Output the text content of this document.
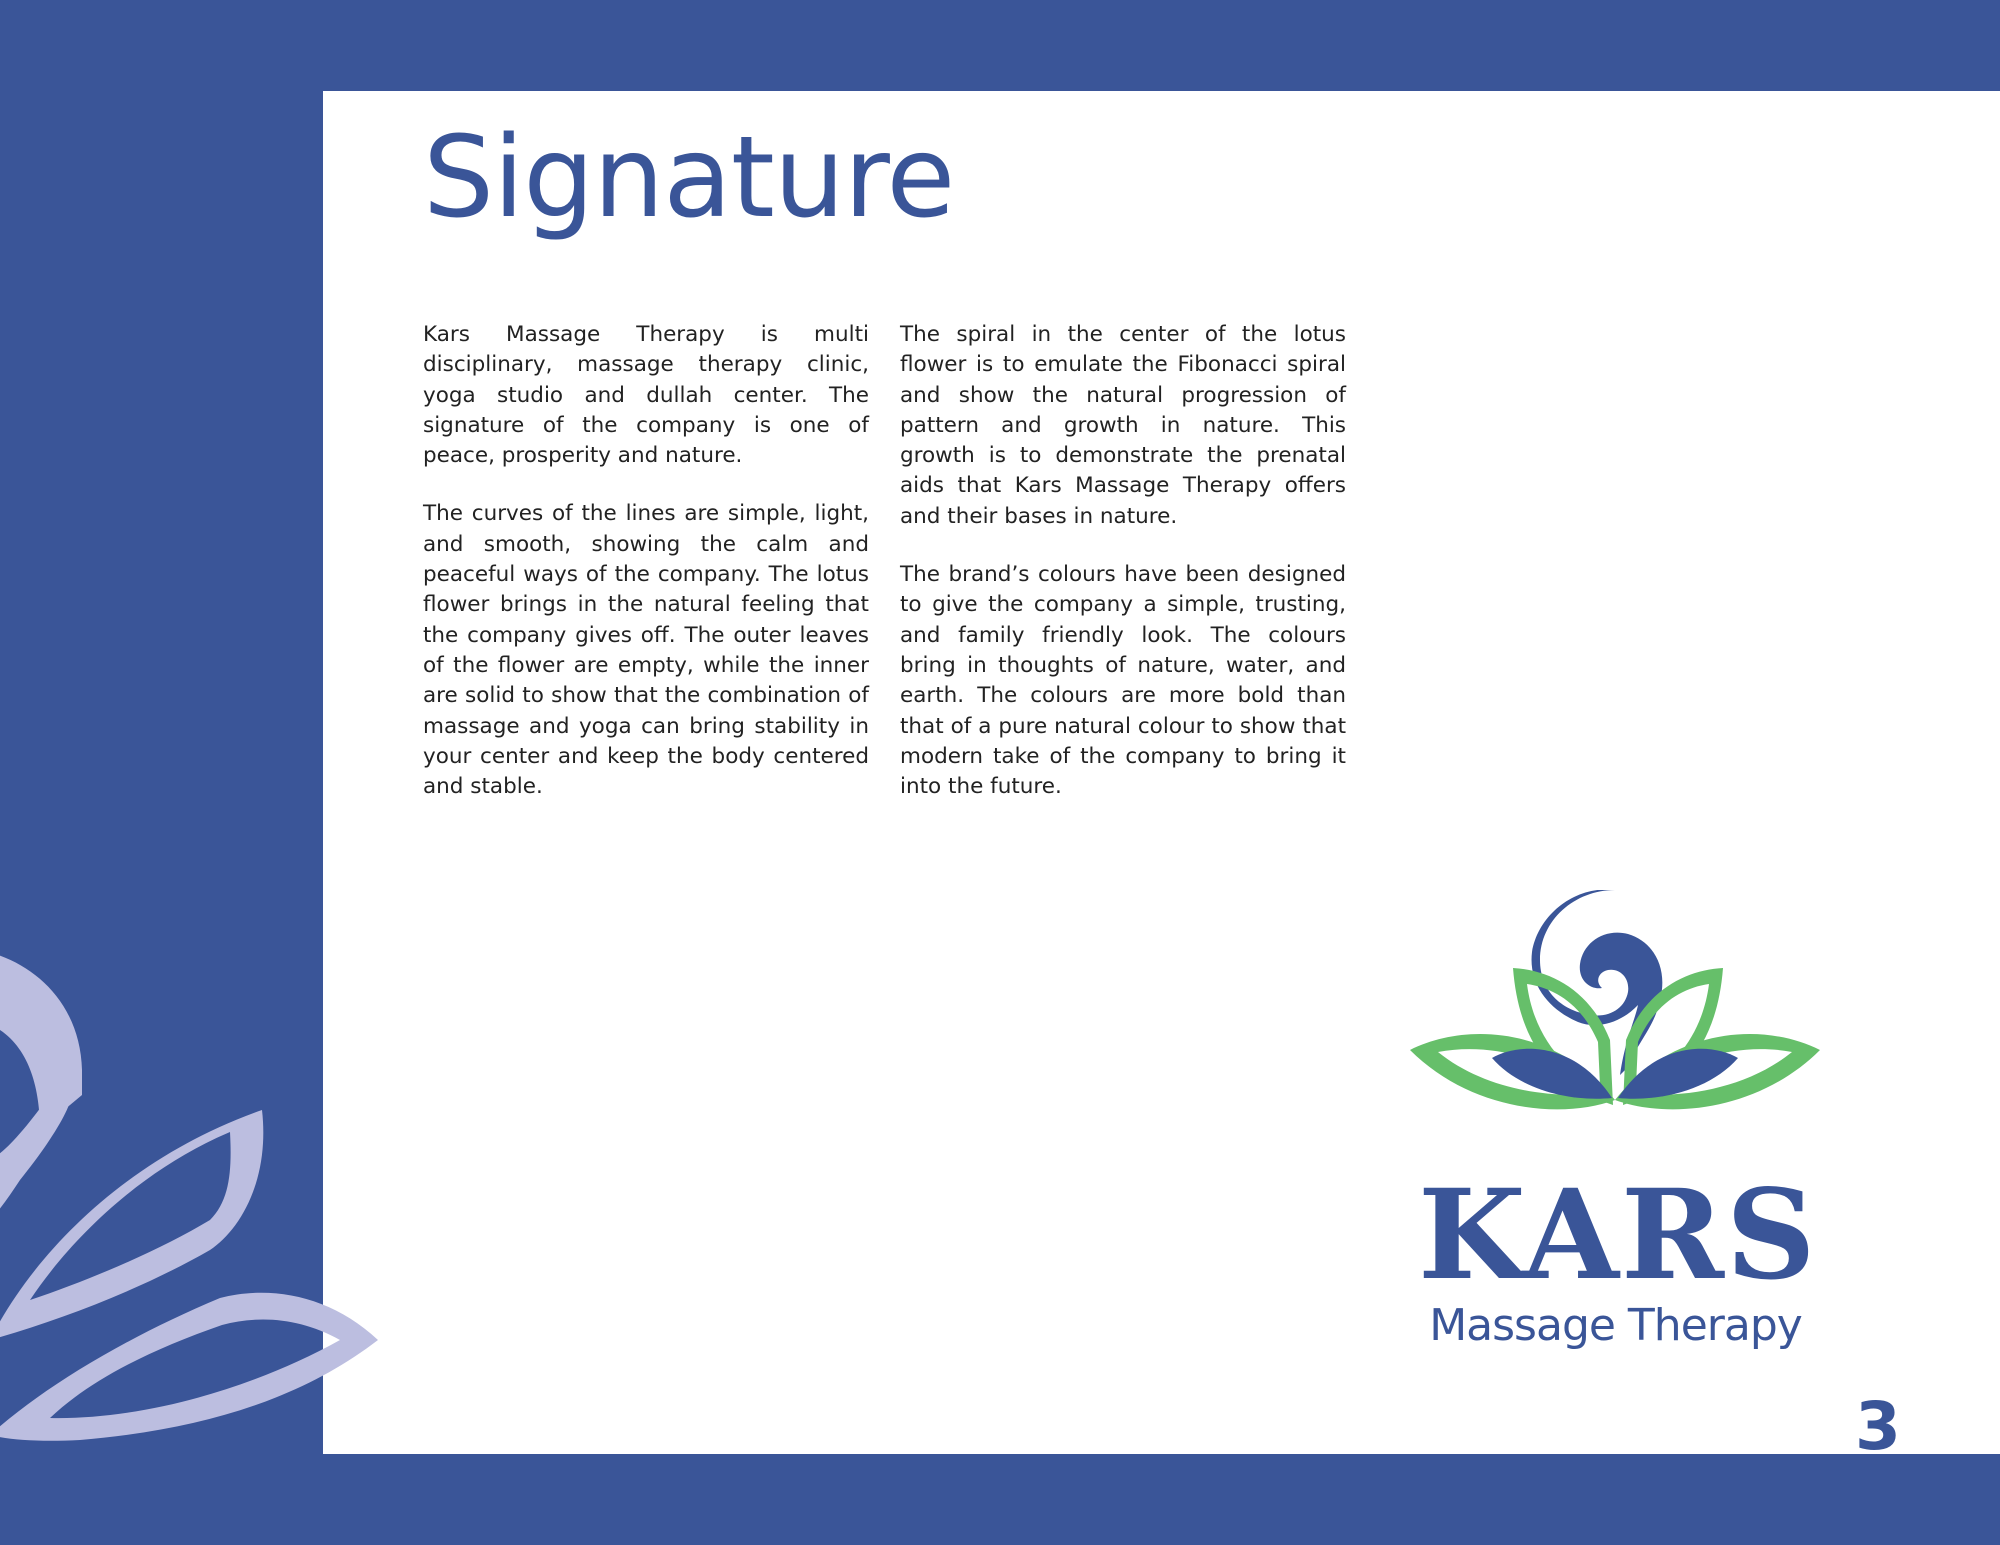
Signature

Kars Massage Therapy is multi disciplinary, massage therapy clinic, yoga studio and dullah center. The signature of the company is one of peace, prosperity and nature.

The curves of the lines are simple, light, and smooth, showing the calm and peaceful ways of the company. The lotus flower brings in the natural feeling that the company gives off. The outer leaves of the flower are empty, while the inner are solid to show that the combination of massage and yoga can bring stability in your center and keep the body centered and stable.

The spiral in the center of the lotus flower is to emulate the Fibonacci spiral and show the natural progression of pattern and growth in nature. This growth is to demonstrate the prenatal aids that Kars Massage Therapy offers and their bases in nature.

The brand’s colours have been designed to give the company a simple, trusting, and family friendly look. The colours bring in thoughts of nature, water, and earth. The colours are more bold than that of a pure natural colour to show that modern take of the company to bring it into the future.

KARS
Massage Therapy
3
